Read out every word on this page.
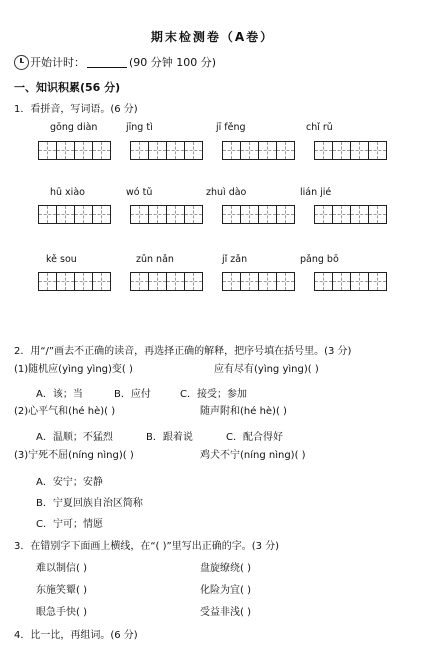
期末检测卷（A卷）
开始计时：	(90 分钟 100 分)
一、知识积累(56 分)
1．看拼音，写词语。(6 分)
gōng diàn	jīng tì	jī fěng	chǐ rǔ
hū xiào	wó tǔ	zhuì dào	lián jié
kě sou	zǔn nǎn	jǐ zǎn	pǎng bō
2．用“/”画去不正确的读音，再选择正确的解释，把序号填在括号里。(3 分)
(1)随机应(yìng yìng)变( )	应有尽有(yìng yìng)( )
A．该；当	B．应付	C．接受；参加
(2)心平气和(hé hè)( )	随声附和(hé hè)( )
A．温顺；不猛烈	B．跟着说	C．配合得好
(3)宁死不屈(níng nìng)( )	鸡犬不宁(níng nìng)( )
A．安宁；安静
B．宁夏回族自治区简称
C．宁可；情愿
3．在错别字下面画上横线，在“( )”里写出正确的字。(3 分)
难以制信( )	盘旋缭绕( )
东施笑颦( )	化险为宜( )
眼急手快( )	受益非浅( )
4．比一比，再组词。(6 分)
